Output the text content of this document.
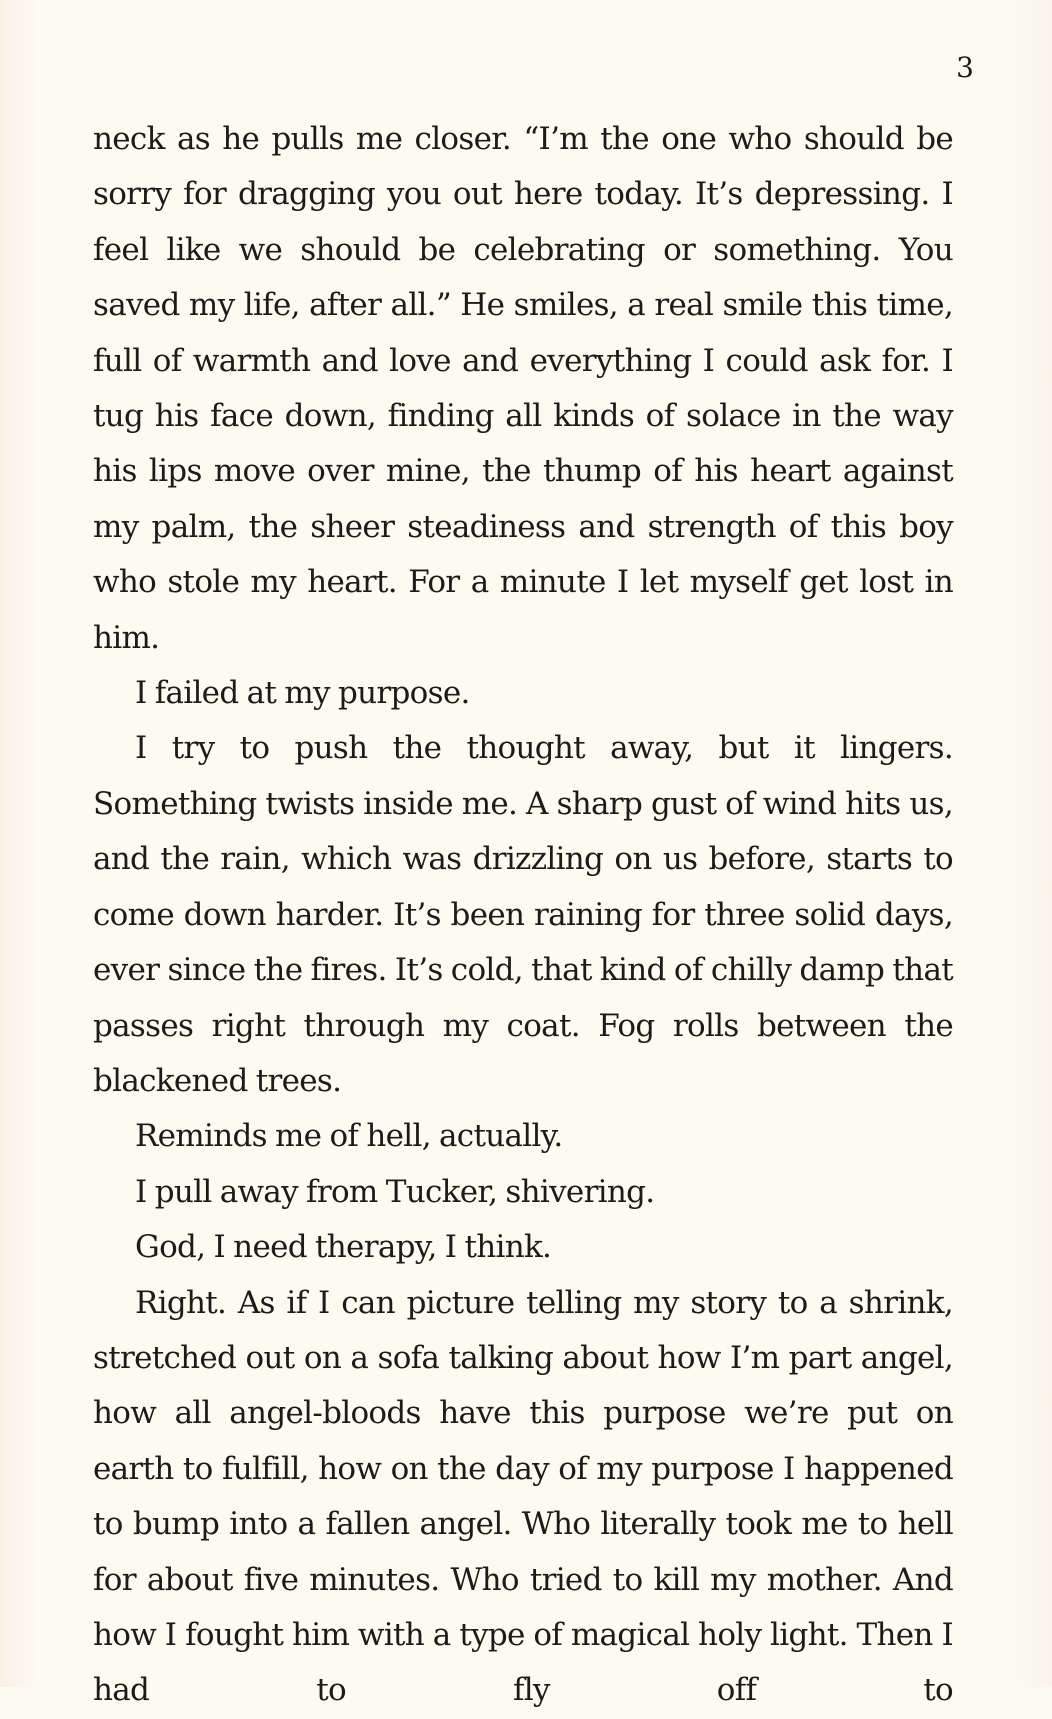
3

neck as he pulls me closer. “I’m the one who should be sorry for dragging you out here today. It’s depressing. I feel like we should be celebrating or something. You saved my life, after all.” He smiles, a real smile this time, full of warmth and love and everything I could ask for. I tug his face down, finding all kinds of solace in the way his lips move over mine, the thump of his heart against my palm, the sheer steadiness and strength of this boy who stole my heart. For a minute I let myself get lost in him.

I failed at my purpose.

I try to push the thought away, but it lingers. Something twists inside me. A sharp gust of wind hits us, and the rain, which was drizzling on us before, starts to come down harder. It’s been raining for three solid days, ever since the fires. It’s cold, that kind of chilly damp that passes right through my coat. Fog rolls between the blackened trees.

Reminds me of hell, actually.

I pull away from Tucker, shivering.

God, I need therapy, I think.

Right. As if I can picture telling my story to a shrink, stretched out on a sofa talking about how I’m part angel, how all angel-bloods have this purpose we’re put on earth to fulfill, how on the day of my purpose I happened to bump into a fallen angel. Who literally took me to hell for about five minutes. Who tried to kill my mother. And how I fought him with a type of magical holy light. Then I had to fly off to
